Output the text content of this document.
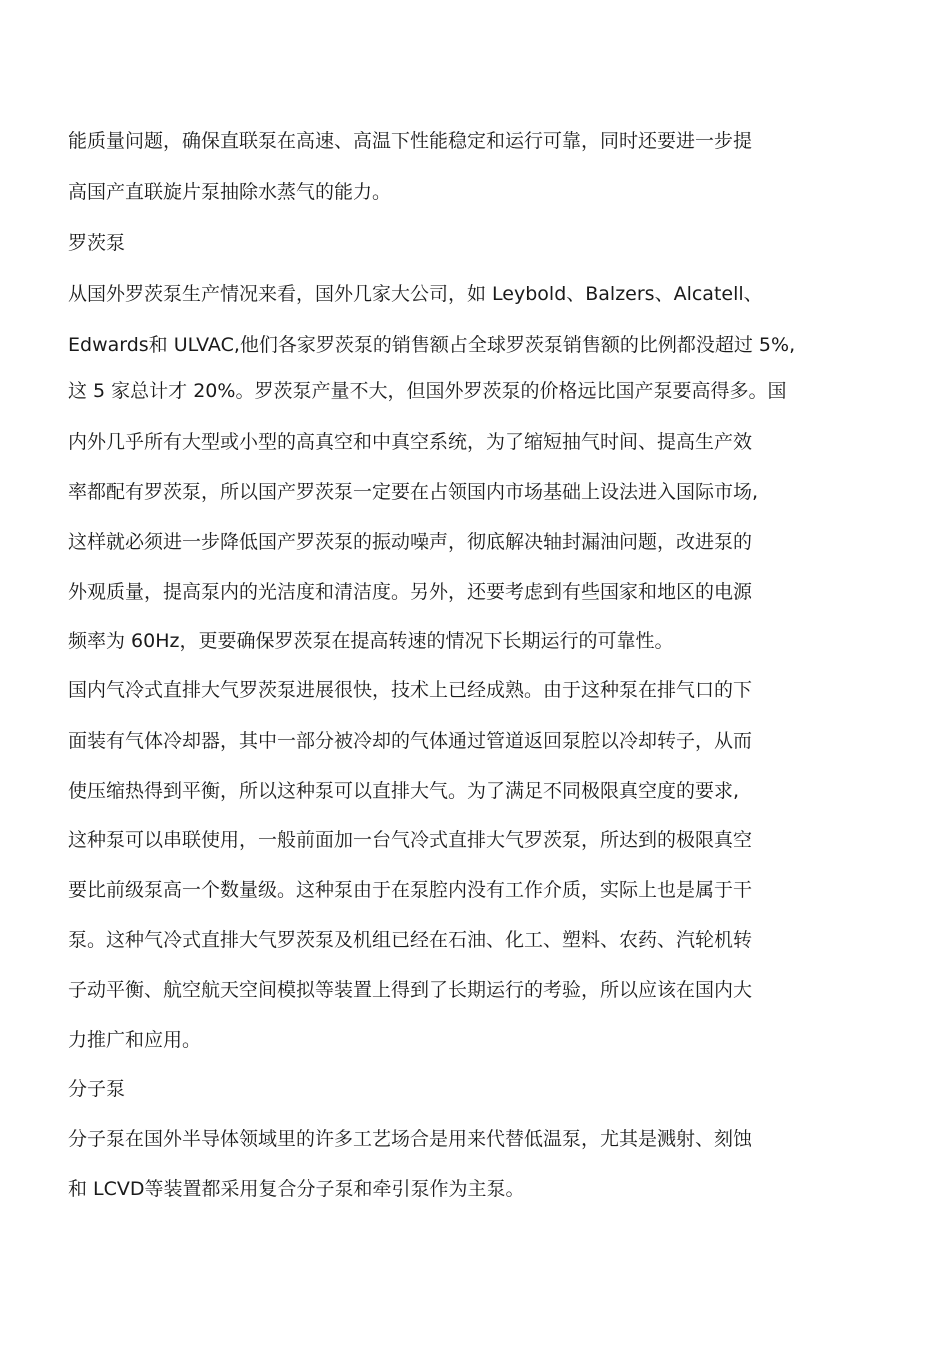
能质量问题，确保直联泵在高速、高温下性能稳定和运行可靠，同时还要进一步提

高国产直联旋片泵抽除水蒸气的能力。

罗茨泵

从国外罗茨泵生产情况来看，国外几家大公司，如 Leybold、Balzers、Alcatell、

Edwards和 ULVAC,他们各家罗茨泵的销售额占全球罗茨泵销售额的比例都没超过 5%,

这 5 家总计才 20%。罗茨泵产量不大，但国外罗茨泵的价格远比国产泵要高得多。国

内外几乎所有大型或小型的高真空和中真空系统，为了缩短抽气时间、提高生产效

率都配有罗茨泵，所以国产罗茨泵一定要在占领国内市场基础上设法进入国际市场,

这样就必须进一步降低国产罗茨泵的振动噪声，彻底解决轴封漏油问题，改进泵的

外观质量，提高泵内的光洁度和清洁度。另外，还要考虑到有些国家和地区的电源

频率为 60Hz，更要确保罗茨泵在提高转速的情况下长期运行的可靠性。

国内气冷式直排大气罗茨泵进展很快，技术上已经成熟。由于这种泵在排气口的下

面装有气体冷却器，其中一部分被冷却的气体通过管道返回泵腔以冷却转子，从而

使压缩热得到平衡，所以这种泵可以直排大气。为了满足不同极限真空度的要求,

这种泵可以串联使用，一般前面加一台气冷式直排大气罗茨泵，所达到的极限真空

要比前级泵高一个数量级。这种泵由于在泵腔内没有工作介质，实际上也是属于干

泵。这种气冷式直排大气罗茨泵及机组已经在石油、化工、塑料、农药、汽轮机转

子动平衡、航空航天空间模拟等装置上得到了长期运行的考验，所以应该在国内大

力推广和应用。

分子泵

分子泵在国外半导体领域里的许多工艺场合是用来代替低温泵，尤其是溅射、刻蚀

和 LCVD等装置都采用复合分子泵和牵引泵作为主泵。
